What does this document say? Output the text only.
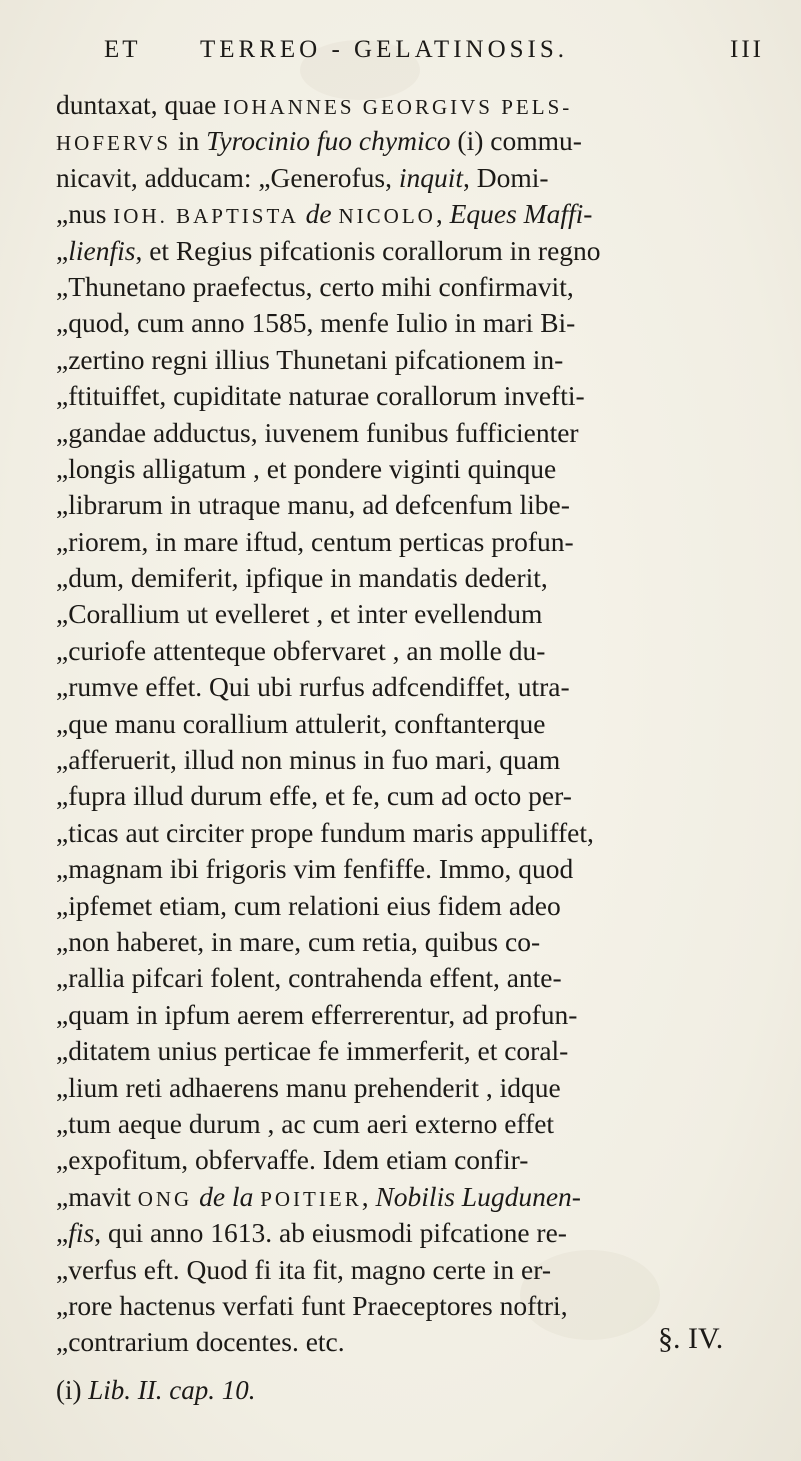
ET TERREO - GELATINOSIS.	III
duntaxat, quae IOHANNES GEORGIVS PELS-
HOFERVS in Tyrocinio fuo chymico (i) commu-
nicavit, adducam: „Generofus, inquit, Domi-
„nus IOH. BAPTISTA de NICOLO, Eques Maffi-
„lienfis, et Regius pifcationis corallorum in regno
„Thunetano praefectus, certo mihi confirmavit,
„quod, cum anno 1585, menfe Iulio in mari Bi-
„zertino regni illius Thunetani pifcationem in-
„ftituiffet, cupiditate naturae corallorum invefti-
„gandae adductus, iuvenem funibus fufficienter
„longis alligatum , et pondere viginti quinque
„librarum in utraque manu, ad defcenfum libe-
„riorem, in mare iftud, centum perticas profun-
„dum, demiferit, ipfique in mandatis dederit,
„Corallium ut evelleret , et inter evellendum
„curiofe attenteque obfervaret , an molle du-
„rumve effet. Qui ubi rurfus adfcendiffet, utra-
„que manu corallium attulerit, conftanterque
„afferuerit, illud non minus in fuo mari, quam
„fupra illud durum effe, et fe, cum ad octo per-
„ticas aut circiter prope fundum maris appuliffet,
„magnam ibi frigoris vim fenfiffe. Immo, quod
„ipfemet etiam, cum relationi eius fidem adeo
„non haberet, in mare, cum retia, quibus co-
„rallia pifcari folent, contrahenda effent, ante-
„quam in ipfum aerem efferrerentur, ad profun-
„ditatem unius perticae fe immerferit, et coral-
„lium reti adhaerens manu prehenderit , idque
„tum aeque durum , ac cum aeri externo effet
„expofitum, obfervaffe. Idem etiam confir-
„mavit ONG de la POITIER, Nobilis Lugdunen-
„fis, qui anno 1613. ab eiusmodi pifcatione re-
„verfus eft. Quod fi ita fit, magno certe in er-
„rore hactenus verfati funt Praeceptores noftri,
„contrarium docentes. etc.	§. IV.
(i) Lib. II. cap. 10.
